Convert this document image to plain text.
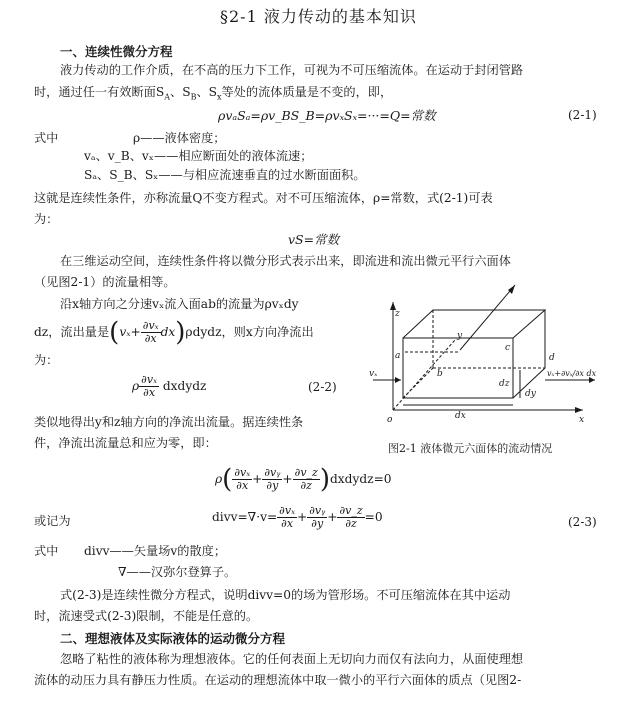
§2-1 液力传动的基本知识
一、连续性微分方程
液力传动的工作介质，在不高的压力下工作，可视为不可压缩流体。在运动于封闭管路
时，通过任一有效断面$S_A$、$S_B$、$S_x$等处的流体质量是不变的，即，
ρvₐSₐ=ρv_BS_B=ρvₓSₓ=···=Q=常数	(2-1)
式中	ρ——液体密度；
vₐ、v_B、vₓ——相应断面处的液体流速；
Sₐ、S_B、Sₓ——与相应流速垂直的过水断面面积。
这就是连续性条件，亦称流量Q不变方程式。对不可压缩流体，ρ=常数，式(2-1)可表
为：
vS=常数
在三维运动空间，连续性条件将以微分形式表示出来，即流进和流出微元平行六面体
（见图2-1）的流量相等。
沿x轴方向之分速vₓ流入面ab的流量为ρvₓdy
dz，流出量是($v_x+ \frac{\text{∂vₓ}}{\partial x}$ dx)ρdydz，则x方向净流出
为：
ρ $\frac{\text{∂vₓ}}{\partial x}$ dxdydz	(2-2)
类似地得出y和z轴方向的净流出流量。据连续性条
件，净流出流量总和应为零，即：
z
y
x
o
a
b
c
d
vₓ
dz
dy
dx
vₓ+∂vₓ/∂x dx
图2-1 液体微元六面体的流动情况
$\rho( \frac{\text{∂vₓ}}{\partial x} + \frac{\text{∂vᵧ}}{\partial y} + \frac{\partial v\_z}{\partial z}$ )dxdydz=0
或记为	divv=∇·v= $\frac{\text{∂vₓ}}{\partial x} + \frac{\text{∂vᵧ}}{\partial y} + \frac{\partial v\_z}{\partial z} =0$	(2-3)
式中 divv——矢量场v的散度；
∇——汉弥尔登算子。
式(2-3)是连续性微分方程式，说明divv=0的场为管形场。不可压缩流体在其中运动
时，流速受式(2-3)限制，不能是任意的。
二、理想液体及实际液体的运动微分方程
忽略了粘性的液体称为理想液体。它的任何表面上无切向力而仅有法向力，从面使理想
流体的动压力具有静压力性质。在运动的理想流体中取一微小的平行六面体的质点（见图2-
